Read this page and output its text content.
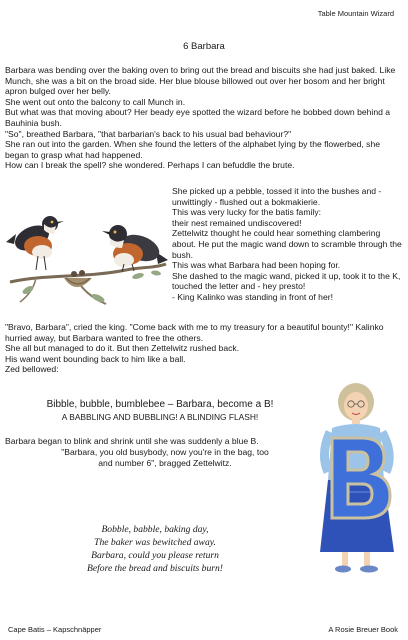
Table Mountain Wizard
6 Barbara

Barbara was bending over the baking oven to bring out the bread and biscuits she had just baked. Like Munch, she was a bit on the broad side. Her blue blouse billowed out over her bosom and her bright apron bulged over her belly.

She went out onto the balcony to call Munch in.

But what was that moving about? Her beady eye spotted the wizard before he bobbed down behind a Bauhinia bush.

"So", breathed Barbara, "that barbarian's back to his usual bad behaviour?"

She ran out into the garden. When she found the letters of the alphabet lying by the flowerbed, she began to grasp what had happened.

How can I break the spell? she wondered. Perhaps I can befuddle the brute.

She picked up a pebble, tossed it into the bushes and - unwittingly - flushed out a bokmakierie.

This was very lucky for the batis family:

their nest remained undiscovered!

Zettelwitz thought he could hear something clambering about. He put the magic wand down to scramble through the bush.

This was what Barbara had been hoping for.

She dashed to the magic wand, picked it up, took it to the K, touched the letter and - hey presto!

- King Kalinko was standing in front of her!

"Bravo, Barbara", cried the king. "Come back with me to my treasury for a beautiful bounty!" Kalinko hurried away, but Barbara wanted to free the others.

She all but managed to do it. But then Zettelwitz rushed back.

His wand went bounding back to him like a ball.

Zed bellowed:

Bibble, bubble, bumblebee – Barbara, become a B!
A BABBLING AND BUBBLING! A BLINDING FLASH!

Barbara began to blink and shrink until she was suddenly a blue B.

"Barbara, you old busybody, now you're in the bag, too

and number 6", bragged Zettelwitz.

Bobble, babble, baking day,

The baker was bewitched away.

Barbara, could you please return

Before the bread and biscuits burn!

Cape Batis – Kapschnäpper	A Rosie Breuer Book
